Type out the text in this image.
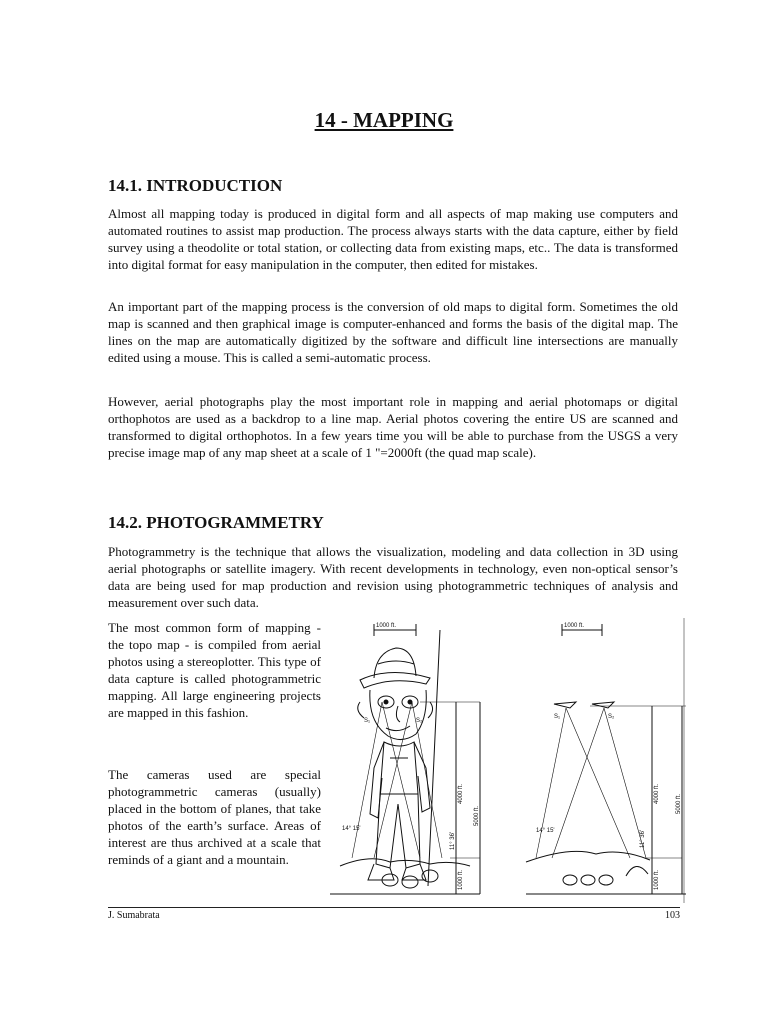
14 - MAPPING
14.1. INTRODUCTION

Almost all mapping today is produced in digital form and all aspects of map making use computers and automated routines to assist map production. The process always starts with the data capture, either by field survey using a theodolite or total station, or collecting data from existing maps, etc.. The data is transformed into digital format for easy manipulation in the computer, then edited for mistakes.

An important part of the mapping process is the conversion of old maps to digital form. Sometimes the old map is scanned and then graphical image is computer-enhanced and forms the basis of the digital map. The lines on the map are automatically digitized by the software and difficult line intersections are manually edited using a mouse. This is called a semi-automatic process.

However, aerial photographs play the most important role in mapping and aerial photomaps or digital orthophotos are used as a backdrop to a line map. Aerial photos covering the entire US are scanned and transformed to digital orthophotos. In a few years time you will be able to purchase from the USGS a very precise image map of any map sheet at a scale of 1 "=2000ft (the quad map scale).

14.2. PHOTOGRAMMETRY

Photogrammetry is the technique that allows the visualization, modeling and data collection in 3D using aerial photographs or satellite imagery. With recent developments in technology, even non-optical sensor’s data are being used for map production and revision using photogrammetric techniques of analysis and measurement over such data.

The most common form of mapping - the topo map - is compiled from aerial photos using a stereoplotter. This type of data capture is called photogrammetric mapping. All large engineering projects are mapped in this fashion.

The cameras used are special photogrammetric cameras (usually) placed in the bottom of planes, that take photos of the earth’s surface. Areas of interest are thus archived at a scale that reminds of a giant and a mountain.

1000 ft.
S₁	S₂
14° 15'
11° 36'
4000 ft.
5000 ft.
1000 ft.
1000 ft.
S₁	S₂
14° 15'	11° 36'
4000 ft.	5000 ft.
1000 ft.
J. Sumabrata	103
